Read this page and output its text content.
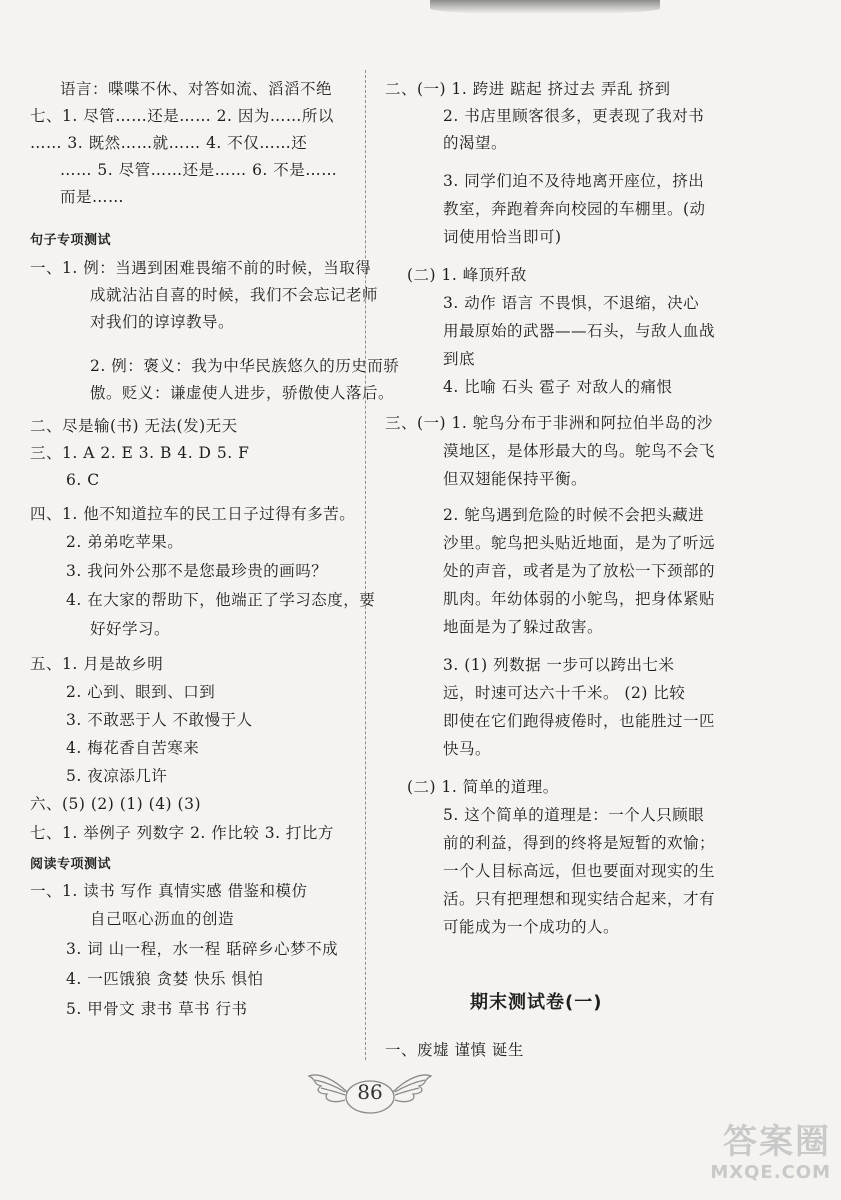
语言：喋喋不休、对答如流、滔滔不绝
七、1. 尽管……还是…… 2. 因为……所以
…… 3. 既然……就…… 4. 不仅……还
…… 5. 尽管……还是…… 6. 不是……
而是……
句子专项测试
一、1. 例：当遇到困难畏缩不前的时候，当取得
成就沾沾自喜的时候，我们不会忘记老师
对我们的谆谆教导。
2. 例：褒义：我为中华民族悠久的历史而骄
傲。贬义：谦虚使人进步，骄傲使人落后。
二、尽是输(书) 无法(发)无天
三、1. A 2. E 3. B 4. D 5. F
6. C
四、1. 他不知道拉车的民工日子过得有多苦。
2. 弟弟吃苹果。
3. 我问外公那不是您最珍贵的画吗？
4. 在大家的帮助下，他端正了学习态度，要
好好学习。
五、1. 月是故乡明
2. 心到、眼到、口到
3. 不敢恶于人 不敢慢于人
4. 梅花香自苦寒来
5. 夜凉添几许
六、(5) (2) (1) (4) (3)
七、1. 举例子 列数字 2. 作比较 3. 打比方
阅读专项测试
一、1. 读书 写作 真情实感 借鉴和模仿
自己呕心沥血的创造
3. 词 山一程，水一程 聒碎乡心梦不成
4. 一匹饿狼 贪婪 快乐 惧怕
5. 甲骨文 隶书 草书 行书
二、(一) 1. 跨进 踮起 挤过去 弄乱 挤到
2. 书店里顾客很多，更表现了我对书
的渴望。
3. 同学们迫不及待地离开座位，挤出
教室，奔跑着奔向校园的车棚里。(动
词使用恰当即可)
(二) 1. 峰顶歼敌
3. 动作 语言 不畏惧，不退缩，决心
用最原始的武器——石头，与敌人血战
到底
4. 比喻 石头 雹子 对敌人的痛恨
三、(一) 1. 鸵鸟分布于非洲和阿拉伯半岛的沙
漠地区，是体形最大的鸟。鸵鸟不会飞
但双翅能保持平衡。
2. 鸵鸟遇到危险的时候不会把头藏进
沙里。鸵鸟把头贴近地面，是为了听远
处的声音，或者是为了放松一下颈部的
肌肉。年幼体弱的小鸵鸟，把身体紧贴
地面是为了躲过敌害。
3. (1) 列数据 一步可以跨出七米
远，时速可达六十千米。 (2) 比较
即使在它们跑得疲倦时，也能胜过一匹
快马。
(二) 1. 简单的道理。
5. 这个简单的道理是：一个人只顾眼
前的利益，得到的终将是短暂的欢愉；
一个人目标高远，但也要面对现实的生
活。只有把理想和现实结合起来，才有
可能成为一个成功的人。
期末测试卷(一)
一、废墟 谨慎 诞生
86
答案圈
MXQE.COM
